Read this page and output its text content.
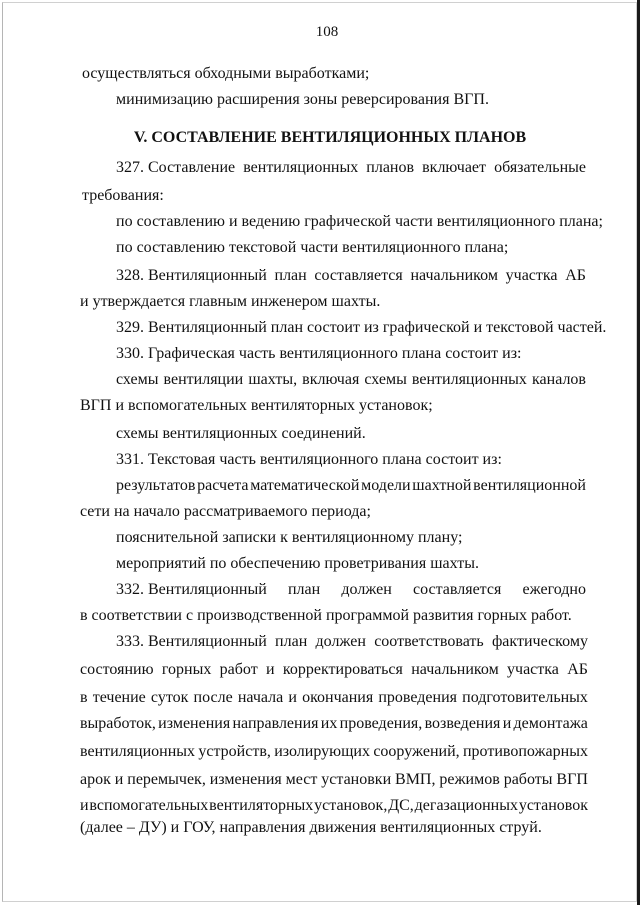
108
осуществляться обходными выработками;
минимизацию расширения зоны реверсирования ВГП.
V. СОСТАВЛЕНИЕ ВЕНТИЛЯЦИОННЫХ ПЛАНОВ
327. Составление вентиляционных планов включает обязательные
требования:
по составлению и ведению графической части вентиляционного плана;
по составлению текстовой части вентиляционного плана;
328. Вентиляционный план составляется начальником участка АБ
и утверждается главным инженером шахты.
329. Вентиляционный план состоит из графической и текстовой частей.
330. Графическая часть вентиляционного плана состоит из:
схемы вентиляции шахты, включая схемы вентиляционных каналов
ВГП и вспомогательных вентиляторных установок;
схемы вентиляционных соединений.
331. Текстовая часть вентиляционного плана состоит из:
результатов расчета математической модели шахтной вентиляционной
сети на начало рассматриваемого периода;
пояснительной записки к вентиляционному плану;
мероприятий по обеспечению проветривания шахты.
332. Вентиляционный план должен составляется ежегодно
в соответствии с производственной программой развития горных работ.
333. Вентиляционный план должен соответствовать фактическому
состоянию горных работ и корректироваться начальником участка АБ
в течение суток после начала и окончания проведения подготовительных
выработок, изменения направления их проведения, возведения и демонтажа
вентиляционных устройств, изолирующих сооружений, противопожарных
арок и перемычек, изменения мест установки ВМП, режимов работы ВГП
и вспомогательных вентиляторных установок, ДС, дегазационных установок
(далее – ДУ) и ГОУ, направления движения вентиляционных струй.
